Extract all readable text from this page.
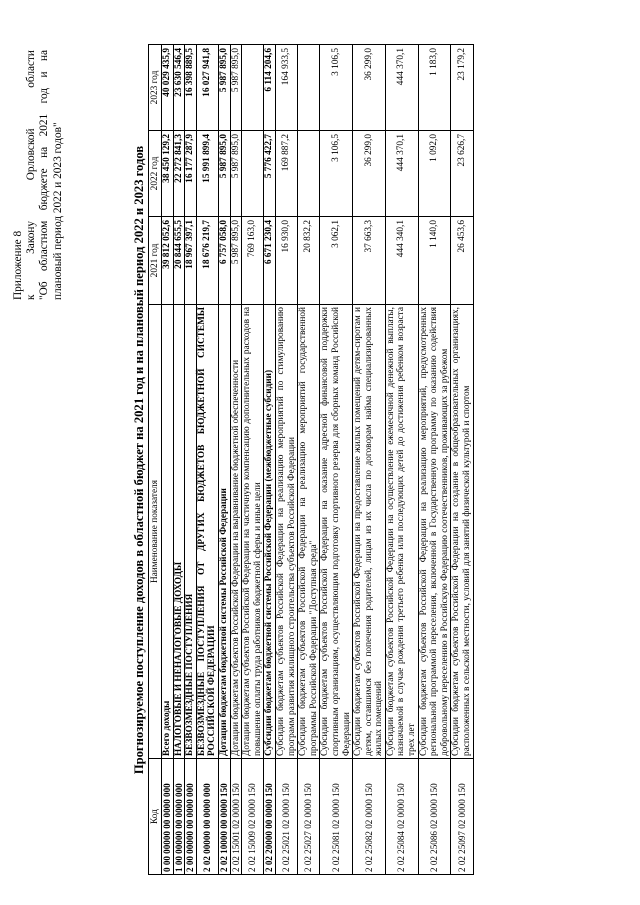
Приложение 8 к
Закону
Орловской
области "Об областном бюджете на 2021 год и на плановый период 2022 и 2023 годов"	Прогнозируемое поступление доходов в областной бюджет на 2021 год и на плановый период 2022 и 2023 годов
Код	Наименование показателя	2021 год	2022 год	2023 год
0 00 00000 00 0000 000	Всего доходы	39 812 052,6	38 450 129,2	40 029 435,9
1 00 00000 00 0000 000	НАЛОГОВЫЕ И НЕНАЛОГОВЫЕ ДОХОДЫ	20 844 655,5	22 272 841,3	23 630 546,4
2 00 00000 00 0000 000	БЕЗВОЗМЕЗДНЫЕ ПОСТУПЛЕНИЯ	18 967 397,1	16 177 287,9	16 398 889,5
2 02 00000 00 0000 000	БЕЗВОЗМЕЗДНЫЕ ПОСТУПЛЕНИЯ ОТ ДРУГИХ БЮДЖЕТОВ БЮДЖЕТНОЙ СИСТЕМЫ РОССИЙСКОЙ ФЕДЕРАЦИИ	18 676 219,7	15 991 899,4	16 027 941,8
2 02 10000 00 0000 150	Дотации бюджетам бюджетной системы Российской Федерации	6 757 058,0	5 987 895,0	5 987 895,0
2 02 15001 02 0000 150	Дотации бюджетам субъектов Российской Федерации на выравнивание бюджетной обеспеченности	5 987 895,0	5 987 895,0	5 987 895,0
2 02 15009 02 0000 150	Дотации бюджетам субъектов Российской Федерации на частичную компенсацию дополнительных расходов на повышение оплаты труда работников бюджетной сферы и иные цели	769 163,0		
2 02 20000 00 0000 150	Субсидии бюджетам бюджетной системы Российской Федерации (межбюджетные субсидии)	6 671 230,4	5 776 422,7	6 114 204,6
2 02 25021 02 0000 150	Субсидии бюджетам субъектов Российской Федерации на реализацию мероприятий по стимулированию программ развития жилищного строительства субъектов Российской Федерации	16 930,0	169 887,2	164 933,5
2 02 25027 02 0000 150	Субсидии бюджетам субъектов Российской Федерации на реализацию мероприятий государственной программы Российской Федерации "Доступная среда"	20 832,2		
2 02 25081 02 0000 150	Субсидии бюджетам субъектов Российской Федерации на оказание адресной финансовой поддержки спортивным организациям, осуществляющим подготовку спортивного резерва для сборных команд Российской Федерации	3 062,1	3 106,5	3 106,5
2 02 25082 02 0000 150	Субсидии бюджетам субъектов Российской Федерации на предоставление жилых помещений детям-сиротам и детям, оставшимся без попечения родителей, лицам из их числа по договорам найма специализированных жилых помещений	37 663,3	36 299,0	36 299,0
2 02 25084 02 0000 150	Субсидии бюджетам субъектов Российской Федерации на осуществление ежемесячной денежной выплаты, назначаемой в случае рождения третьего ребенка или последующих детей до достижения ребенком возраста трех лет	444 340,1	444 370,1	444 370,1
2 02 25086 02 0000 150	Субсидии бюджетам субъектов Российской Федерации на реализацию мероприятий, предусмотренных региональной программой переселения, включенной в Государственную программу по оказанию содействия добровольному переселению в Российскую Федерацию соотечественников, проживающих за рубежом	1 140,0	1 092,0	1 183,0
2 02 25097 02 0000 150	Субсидии бюджетам субъектов Российской Федерации на создание в общеобразовательных организациях, расположенных в сельской местности, условий для занятий физической культурой и спортом	26 453,6	23 626,7	23 179,2
